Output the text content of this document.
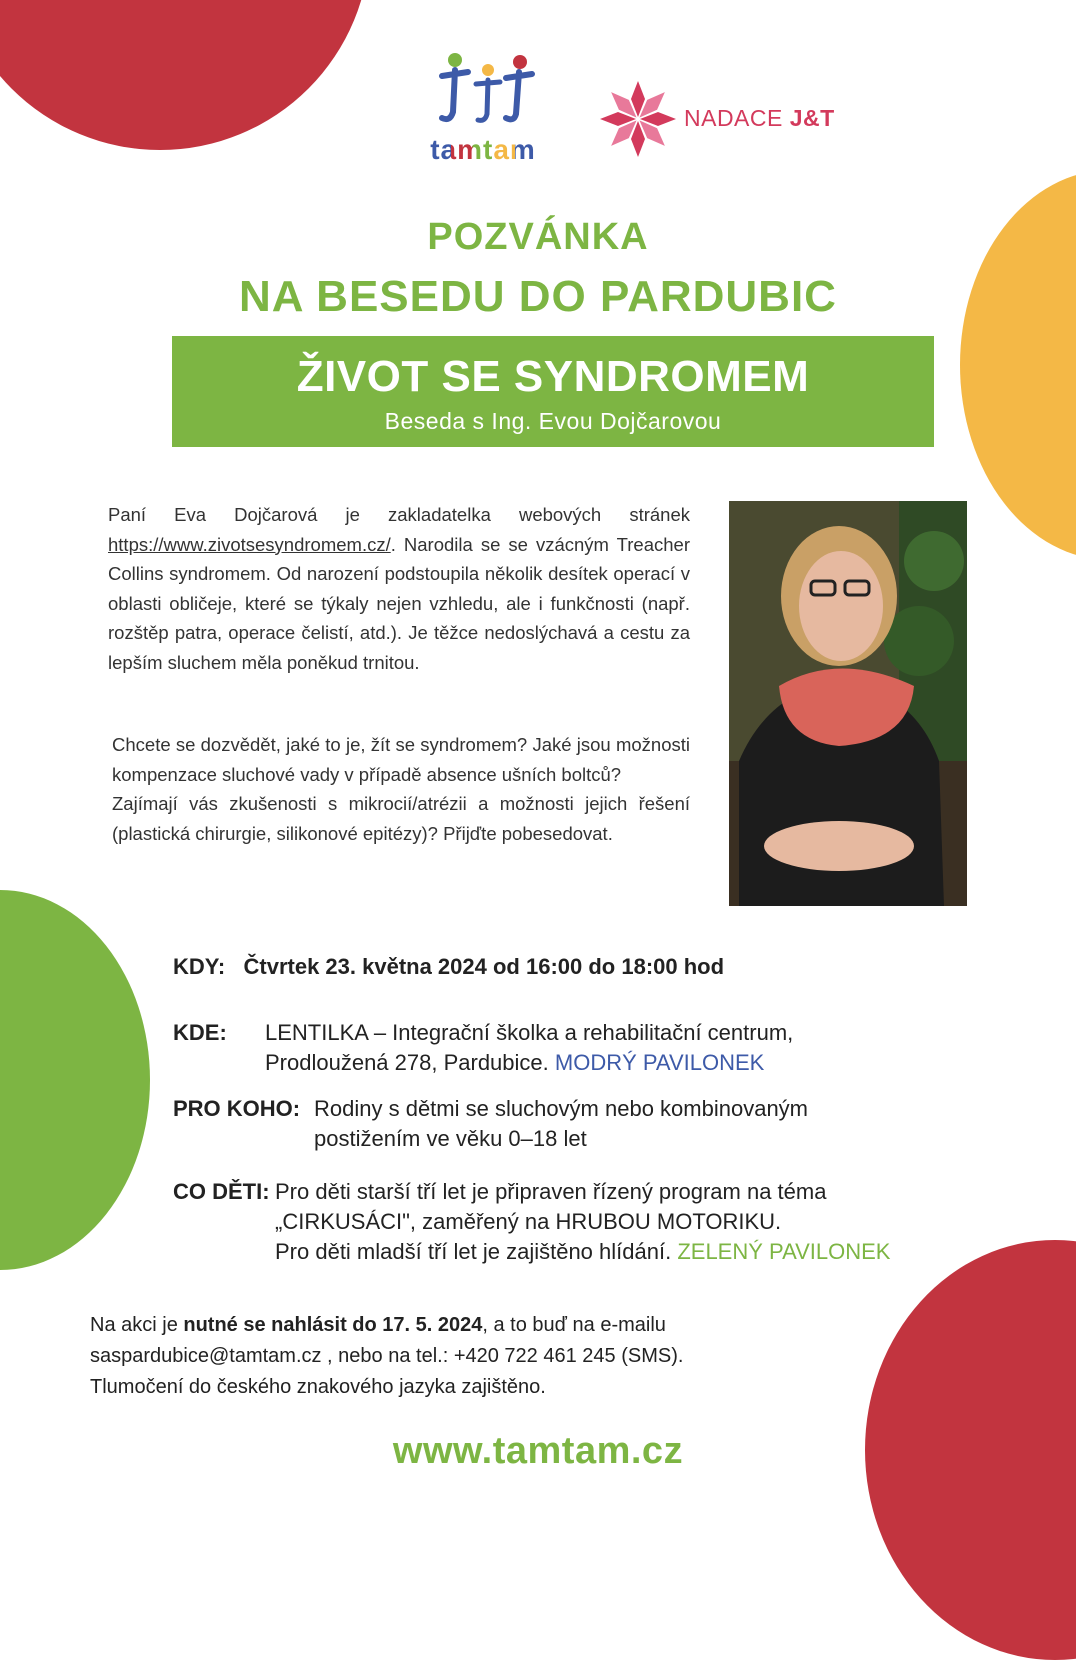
tamtam
NADACE J&T
POZVÁNKA
NA BESEDU DO PARDUBIC
ŽIVOT SE SYNDROMEM
Beseda s Ing. Evou Dojčarovou
Paní Eva Dojčarová je zakladatelka webových stránek https://www.zivotsesyndromem.cz/. Narodila se se vzácným Treacher Collins syndromem. Od narození podstoupila několik desítek operací v oblasti obličeje, které se týkaly nejen vzhledu, ale i funkčnosti (např. rozštěp patra, operace čelistí, atd.). Je těžce nedoslýchavá a cestu za lepším sluchem měla poněkud trnitou.
Chcete se dozvědět, jaké to je, žít se syndromem? Jaké jsou možnosti kompenzace sluchové vady v případě absence ušních boltců?
Zajímají vás zkušenosti s mikrocií/atrézii a možnosti jejich řešení (plastická chirurgie, silikonové epitézy)? Přijďte pobesedovat.
KDY: Čtvrtek 23. května 2024 od 16:00 do 18:00 hod
KDE: LENTILKA – Integrační školka a rehabilitační centrum,
Prodloužená 278, Pardubice. MODRÝ PAVILONEK
PRO KOHO: Rodiny s dětmi se sluchovým nebo kombinovaným
postižením ve věku 0–18 let
CO DĚTI: Pro děti starší tří let je připraven řízený program na téma
„CIRKUSÁCI", zaměřený na HRUBOU MOTORIKU.
Pro děti mladší tří let je zajištěno hlídání. ZELENÝ PAVILONEK
Na akci je nutné se nahlásit do 17. 5. 2024, a to buď na e-mailu
saspardubice@tamtam.cz , nebo na tel.: +420 722 461 245 (SMS).
Tlumočení do českého znakového jazyka zajištěno.
www.tamtam.cz
